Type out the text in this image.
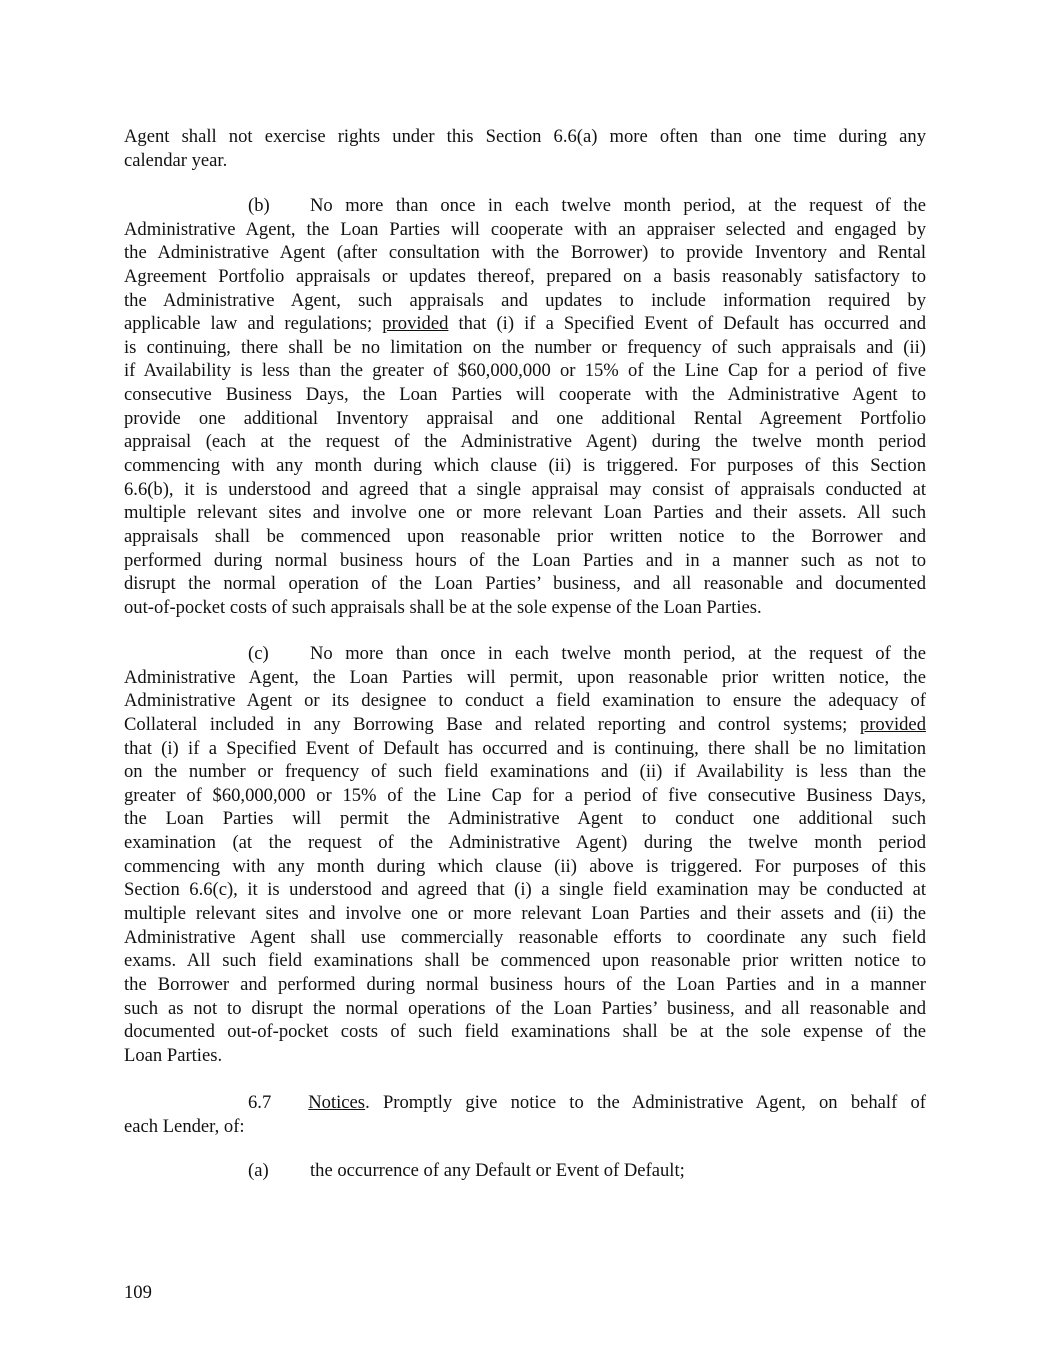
Agent shall not exercise rights under this Section 6.6(a) more often than one time during any
calendar year.
(b)	No more than once in each twelve month period, at the request of the
Administrative Agent, the Loan Parties will cooperate with an appraiser selected and engaged by
the Administrative Agent (after consultation with the Borrower) to provide Inventory and Rental
Agreement Portfolio appraisals or updates thereof, prepared on a basis reasonably satisfactory to
the Administrative Agent, such appraisals and updates to include information required by
applicable law and regulations; provided that (i) if a Specified Event of Default has occurred and
is continuing, there shall be no limitation on the number or frequency of such appraisals and (ii)
if Availability is less than the greater of $60,000,000 or 15% of the Line Cap for a period of five
consecutive Business Days, the Loan Parties will cooperate with the Administrative Agent to
provide one additional Inventory appraisal and one additional Rental Agreement Portfolio
appraisal (each at the request of the Administrative Agent) during the twelve month period
commencing with any month during which clause (ii) is triggered. For purposes of this Section
6.6(b), it is understood and agreed that a single appraisal may consist of appraisals conducted at
multiple relevant sites and involve one or more relevant Loan Parties and their assets. All such
appraisals shall be commenced upon reasonable prior written notice to the Borrower and
performed during normal business hours of the Loan Parties and in a manner such as not to
disrupt the normal operation of the Loan Parties’ business, and all reasonable and documented
out-of-pocket costs of such appraisals shall be at the sole expense of the Loan Parties.
(c)	No more than once in each twelve month period, at the request of the
Administrative Agent, the Loan Parties will permit, upon reasonable prior written notice, the
Administrative Agent or its designee to conduct a field examination to ensure the adequacy of
Collateral included in any Borrowing Base and related reporting and control systems; provided
that (i) if a Specified Event of Default has occurred and is continuing, there shall be no limitation
on the number or frequency of such field examinations and (ii) if Availability is less than the
greater of $60,000,000 or 15% of the Line Cap for a period of five consecutive Business Days,
the Loan Parties will permit the Administrative Agent to conduct one additional such
examination (at the request of the Administrative Agent) during the twelve month period
commencing with any month during which clause (ii) above is triggered. For purposes of this
Section 6.6(c), it is understood and agreed that (i) a single field examination may be conducted at
multiple relevant sites and involve one or more relevant Loan Parties and their assets and (ii) the
Administrative Agent shall use commercially reasonable efforts to coordinate any such field
exams. All such field examinations shall be commenced upon reasonable prior written notice to
the Borrower and performed during normal business hours of the Loan Parties and in a manner
such as not to disrupt the normal operations of the Loan Parties’ business, and all reasonable and
documented out-of-pocket costs of such field examinations shall be at the sole expense of the
Loan Parties.
6.7	Notices . Promptly give notice to the Administrative Agent, on behalf of
each Lender, of:
(a)	the occurrence of any Default or Event of Default;
109
